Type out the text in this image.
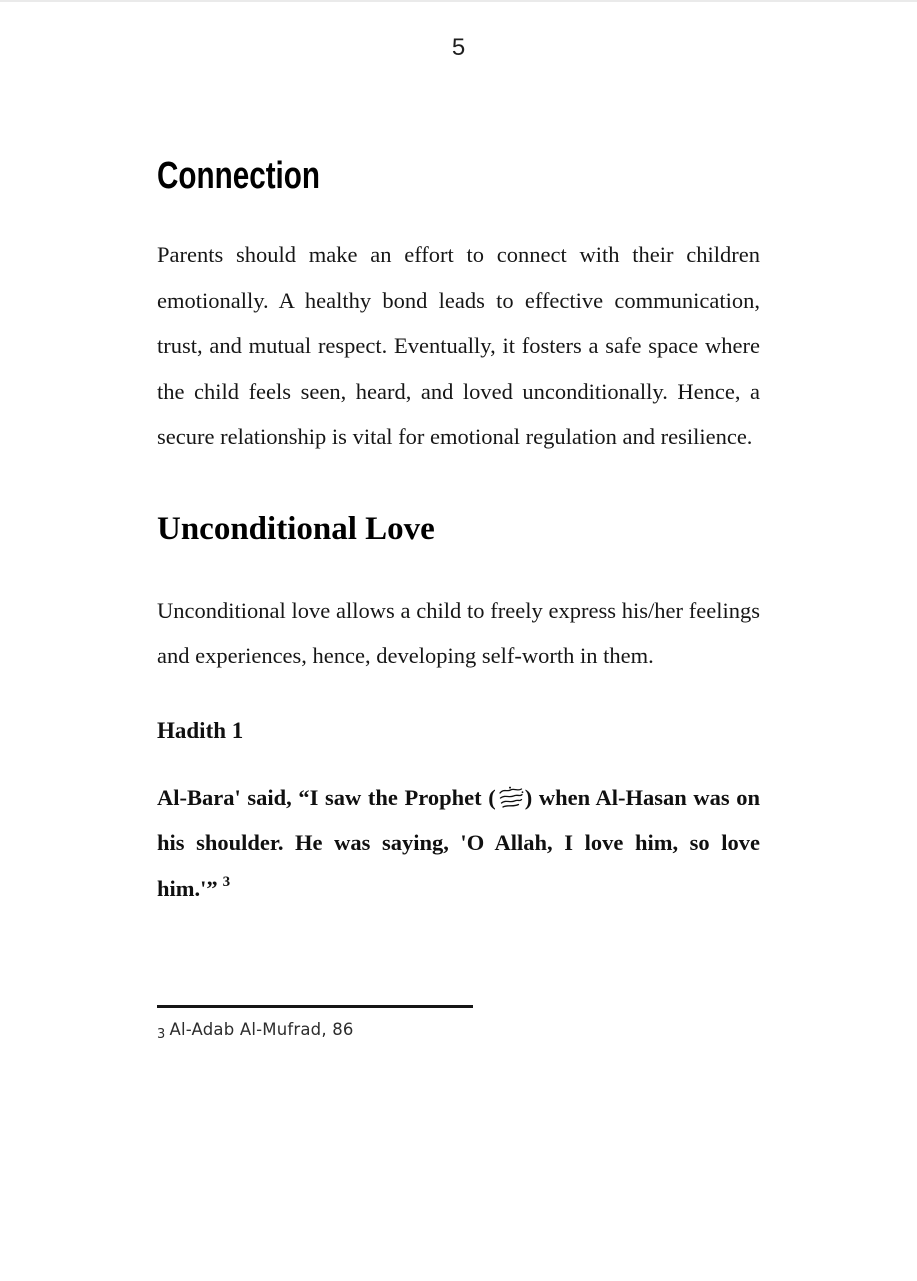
5
Connection

Parents should make an effort to connect with their children emotionally. A healthy bond leads to effective communication, trust, and mutual respect. Eventually, it fosters a safe space where the child feels seen, heard, and loved unconditionally. Hence, a secure relationship is vital for emotional regulation and resilience.

Unconditional Love

Unconditional love allows a child to freely express his/her feelings and experiences, hence, developing self-worth in them.

Hadith 1

Al-Bara' said, “I saw the Prophet ( ) when Al-Hasan was on his shoulder. He was saying, 'O Allah, I love him, so love him.'” $^3$

3 Al-Adab Al-Mufrad, 86
